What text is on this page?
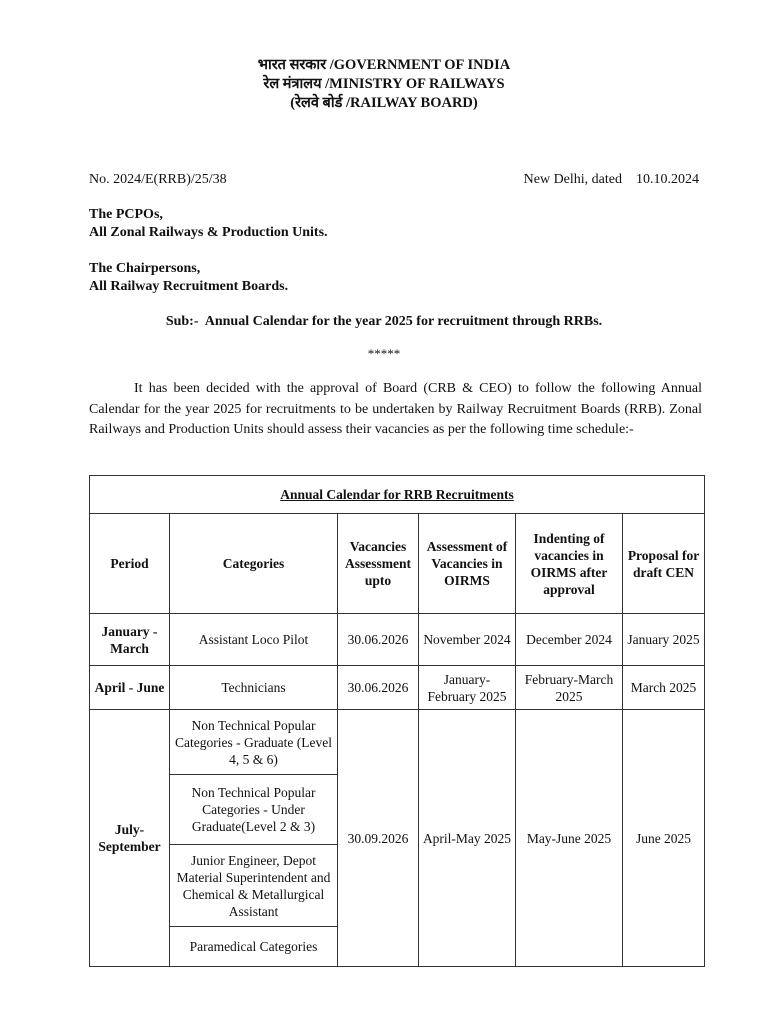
भारत सरकार /GOVERNMENT OF INDIA
रेल मंत्रालय /MINISTRY OF RAILWAYS
(रेलवे बोर्ड /RAILWAY BOARD)
No. 2024/E(RRB)/25/38	New Delhi, dated    10.10.2024
The PCPOs,
All Zonal Railways & Production Units.
The Chairpersons,
All Railway Recruitment Boards.
Sub:-  Annual Calendar for the year 2025 for recruitment through RRBs.
*****
It has been decided with the approval of Board (CRB & CEO) to follow the following Annual Calendar for the year 2025 for recruitments to be undertaken by Railway Recruitment Boards (RRB). Zonal Railways and Production Units should assess their vacancies as per the following time schedule:-
Annual Calendar for RRB Recruitments					
Period	Categories	Vacancies Assessment upto	Assessment of Vacancies in OIRMS	Indenting of vacancies in OIRMS after approval	Proposal for draft CEN
January - March	Assistant Loco Pilot	30.06.2026	November 2024	December 2024	January 2025
April - June	Technicians	30.06.2026	January-February 2025	February-March 2025	March 2025
July-September	Non Technical Popular Categories - Graduate (Level 4, 5 & 6)	30.09.2026	April-May 2025	May-June 2025	June 2025
	Non Technical Popular Categories - Under Graduate(Level 2 & 3)				
	Junior Engineer, Depot Material Superintendent and Chemical & Metallurgical Assistant				
	Paramedical Categories				
